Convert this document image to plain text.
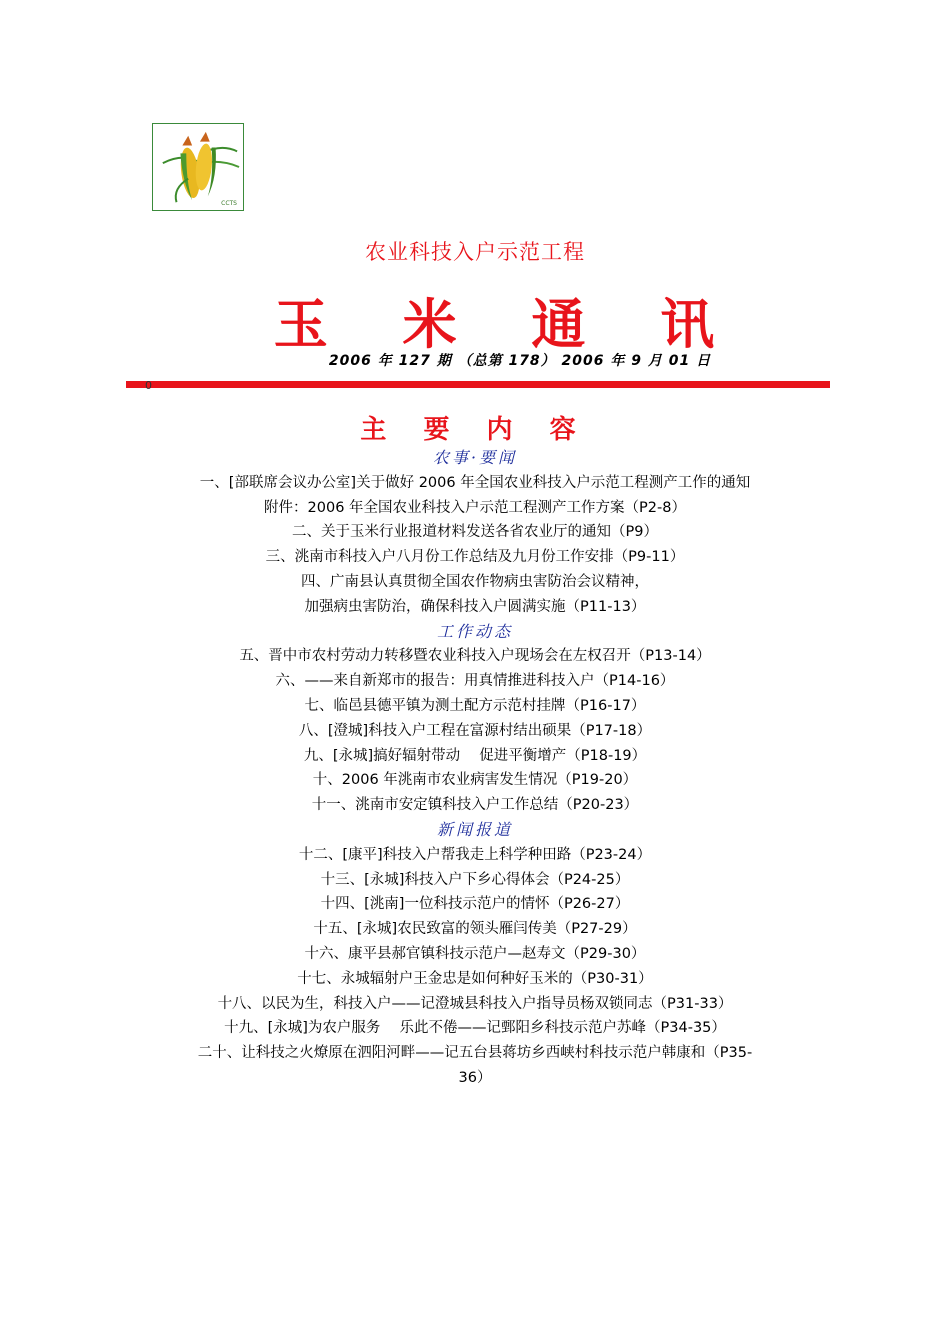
CCTS
农业科技入户示范工程
玉 米 通 讯
2006 年 127 期 （总第 178） 2006 年 9 月 01 日
0
主 要 内 容
农事·要闻
一、[部联席会议办公室]关于做好 2006 年全国农业科技入户示范工程测产工作的通知
附件：2006 年全国农业科技入户示范工程测产工作方案（P2-8）
二、关于玉米行业报道材料发送各省农业厅的通知（P9）
三、洮南市科技入户八月份工作总结及九月份工作安排（P9-11）
四、广南县认真贯彻全国农作物病虫害防治会议精神，
加强病虫害防治，确保科技入户圆满实施（P11-13）
工作动态
五、晋中市农村劳动力转移暨农业科技入户现场会在左权召开（P13-14）
六、——来自新郑市的报告：用真情推进科技入户（P14-16）
七、临邑县德平镇为测土配方示范村挂牌（P16-17）
八、[澄城]科技入户工程在富源村结出硕果（P17-18）
九、[永城]搞好辐射带动　 促进平衡增产（P18-19）
十、2006 年洮南市农业病害发生情况（P19-20）
十一、洮南市安定镇科技入户工作总结（P20-23）
新闻报道
十二、[康平]科技入户帮我走上科学种田路（P23-24）
十三、[永城]科技入户下乡心得体会（P24-25）
十四、[洮南]一位科技示范户的情怀（P26-27）
十五、[永城]农民致富的领头雁闫传美（P27-29）
十六、康平县郝官镇科技示范户—赵寿文（P29-30）
十七、永城辐射户王金忠是如何种好玉米的（P30-31）
十八、以民为生，科技入户——记澄城县科技入户指导员杨双锁同志（P31-33）
十九、[永城]为农户服务　 乐此不倦——记鄄阳乡科技示范户苏峰（P34-35）
二十、让科技之火燎原在泗阳河畔——记五台县蒋坊乡西峡村科技示范户韩康和（P35-
36）
